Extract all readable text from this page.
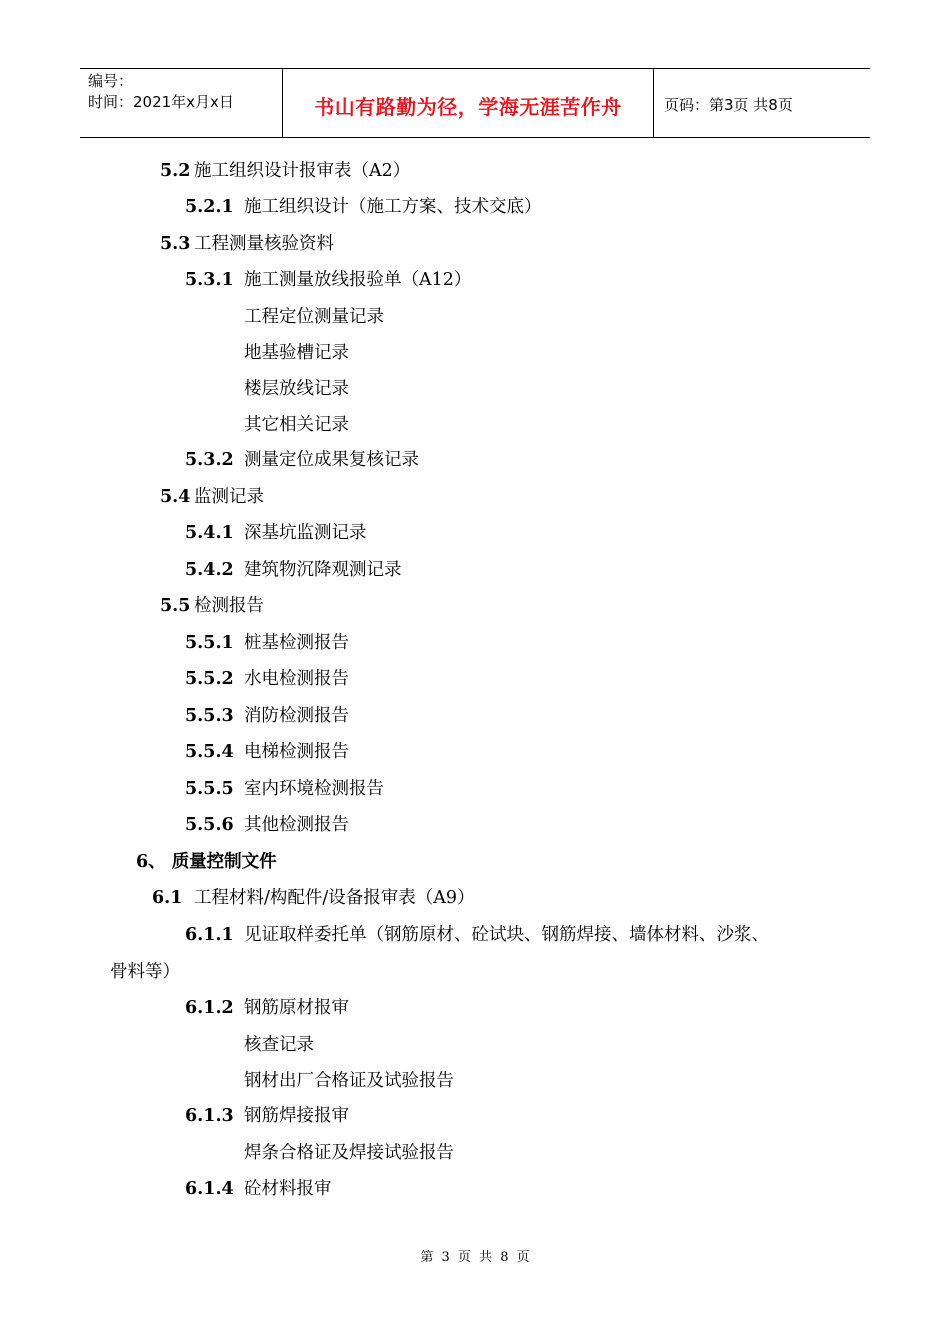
编号：
时间：2021年x月x日	书山有路勤为径，学海无涯苦作舟	页码：第3页 共8页
5.2 施工组织设计报审表（A2）
5.2.1 施工组织设计（施工方案、技术交底）
5.3 工程测量核验资料
5.3.1 施工测量放线报验单（A12）
工程定位测量记录
地基验槽记录
楼层放线记录
其它相关记录
5.3.2 测量定位成果复核记录
5.4 监测记录
5.4.1 深基坑监测记录
5.4.2 建筑物沉降观测记录
5.5 检测报告
5.5.1 桩基检测报告
5.5.2 水电检测报告
5.5.3 消防检测报告
5.5.4 电梯检测报告
5.5.5 室内环境检测报告
5.5.6 其他检测报告
6、 质量控制文件
6.1 工程材料/构配件/设备报审表（A9）
6.1.1 见证取样委托单（钢筋原材、砼试块、钢筋焊接、墙体材料、沙浆、
骨料等）
6.1.2 钢筋原材报审
核查记录
钢材出厂合格证及试验报告
6.1.3 钢筋焊接报审
焊条合格证及焊接试验报告
6.1.4 砼材料报审
第 3 页 共 8 页
